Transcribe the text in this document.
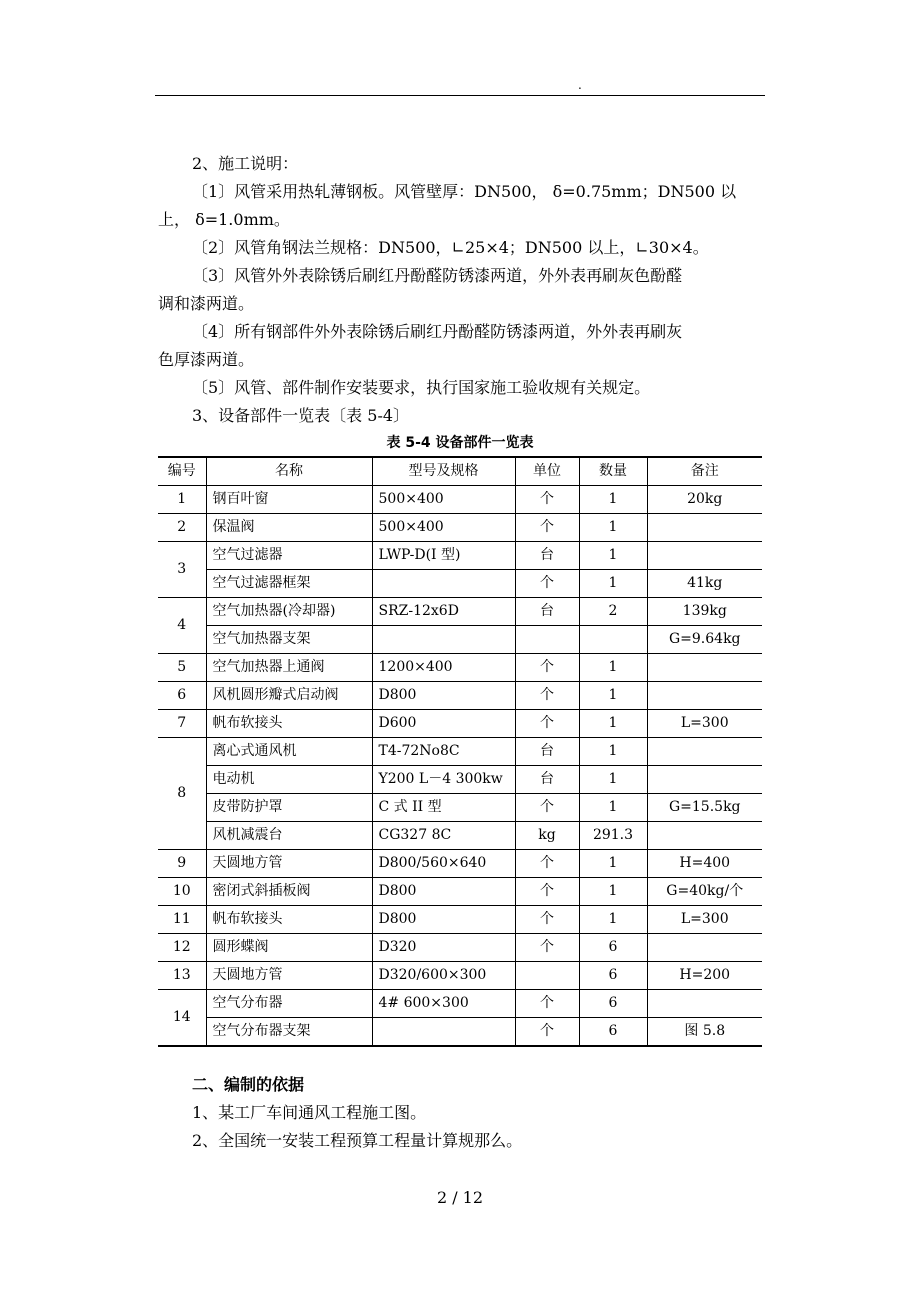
.

2、施工说明：

〔1〕风管采用热轧薄钢板。风管壁厚：DN500， δ=0.75mm；DN500 以
上， δ=1.0mm。

〔2〕风管角钢法兰规格：DN500，∟25×4；DN500 以上，∟30×4。

〔3〕风管外外表除锈后刷红丹酚醛防锈漆两道，外外表再刷灰色酚醛
调和漆两道。

〔4〕所有钢部件外外表除锈后刷红丹酚醛防锈漆两道，外外表再刷灰
色厚漆两道。

〔5〕风管、部件制作安装要求，执行国家施工验收规有关规定。

3、设备部件一览表〔表 5-4〕

表 5-4 设备部件一览表

编号	名称	型号及规格	单位	数量	备注
1	钢百叶窗	500×400	个	1	20kg
2	保温阀	500×400	个	1	
3	空气过滤器	LWP-D(I 型)	台	1	
	空气过滤器框架		个	1	41kg
4	空气加热器(冷却器)	SRZ-12x6D	台	2	139kg
	空气加热器支架				G=9.64kg
5	空气加热器上通阀	1200×400	个	1	
6	风机圆形瓣式启动阀	D800	个	1	
7	帆布软接头	D600	个	1	L=300
8	离心式通风机	T4-72No8C	台	1	
	电动机	Y200 L－4 300kw	台	1	
	皮带防护罩	C 式 II 型	个	1	G=15.5kg
	风机减震台	CG327 8C	kg	291.3	
9	天圆地方管	D800/560×640	个	1	H=400
10	密闭式斜插板阀	D800	个	1	G=40kg/个
11	帆布软接头	D800	个	1	L=300
12	圆形蝶阀	D320	个	6	
13	天圆地方管	D320/600×300		6	H=200
14	空气分布器	4# 600×300	个	6	
	空气分布器支架		个	6	图 5.8

二、编制的依据

1、某工厂车间通风工程施工图。

2、全国统一安装工程预算工程量计算规那么。

2 / 12
